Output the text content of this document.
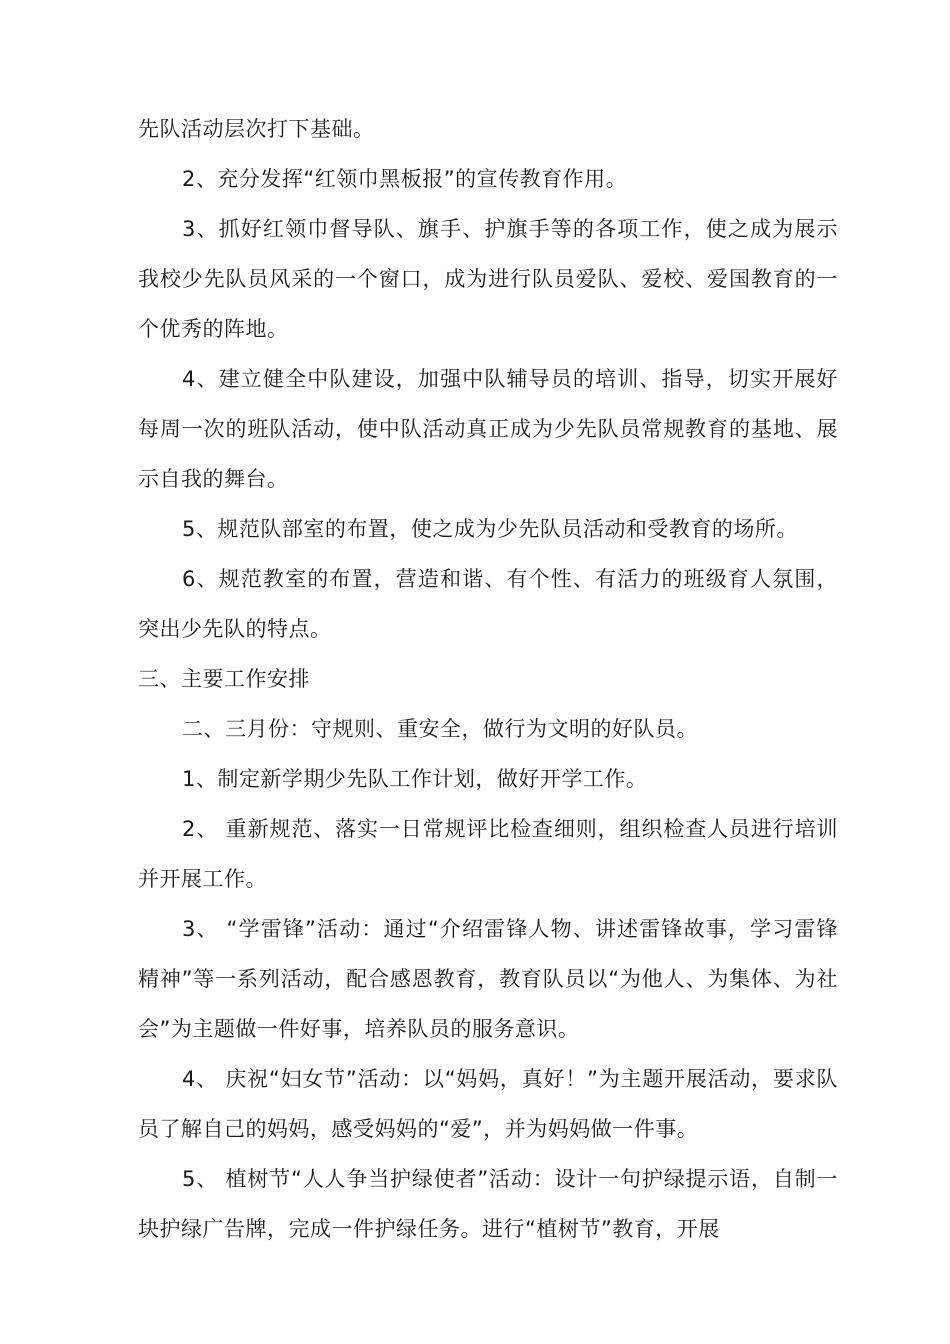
先队活动层次打下基础。

2、充分发挥“红领巾黑板报”的宣传教育作用。

3、抓好红领巾督导队、旗手、护旗手等的各项工作，使之成为展示我校少先队员风采的一个窗口，成为进行队员爱队、爱校、爱国教育的一个优秀的阵地。

4、建立健全中队建设，加强中队辅导员的培训、指导，切实开展好每周一次的班队活动，使中队活动真正成为少先队员常规教育的基地、展示自我的舞台。

5、规范队部室的布置，使之成为少先队员活动和受教育的场所。

6、规范教室的布置，营造和谐、有个性、有活力的班级育人氛围，突出少先队的特点。

三、主要工作安排

二、三月份：守规则、重安全，做行为文明的好队员。

1、制定新学期少先队工作计划，做好开学工作。

2、 重新规范、落实一日常规评比检查细则，组织检查人员进行培训并开展工作。

3、 “学雷锋”活动：通过“介绍雷锋人物、讲述雷锋故事，学习雷锋精神”等一系列活动，配合感恩教育，教育队员以“为他人、为集体、为社会”为主题做一件好事，培养队员的服务意识。

4、 庆祝“妇女节”活动：以“妈妈，真好！”为主题开展活动，要求队员了解自己的妈妈，感受妈妈的“爱”，并为妈妈做一件事。

5、 植树节“人人争当护绿使者”活动：设计一句护绿提示语，自制一块护绿广告牌，完成一件护绿任务。进行“植树节”教育，开展
